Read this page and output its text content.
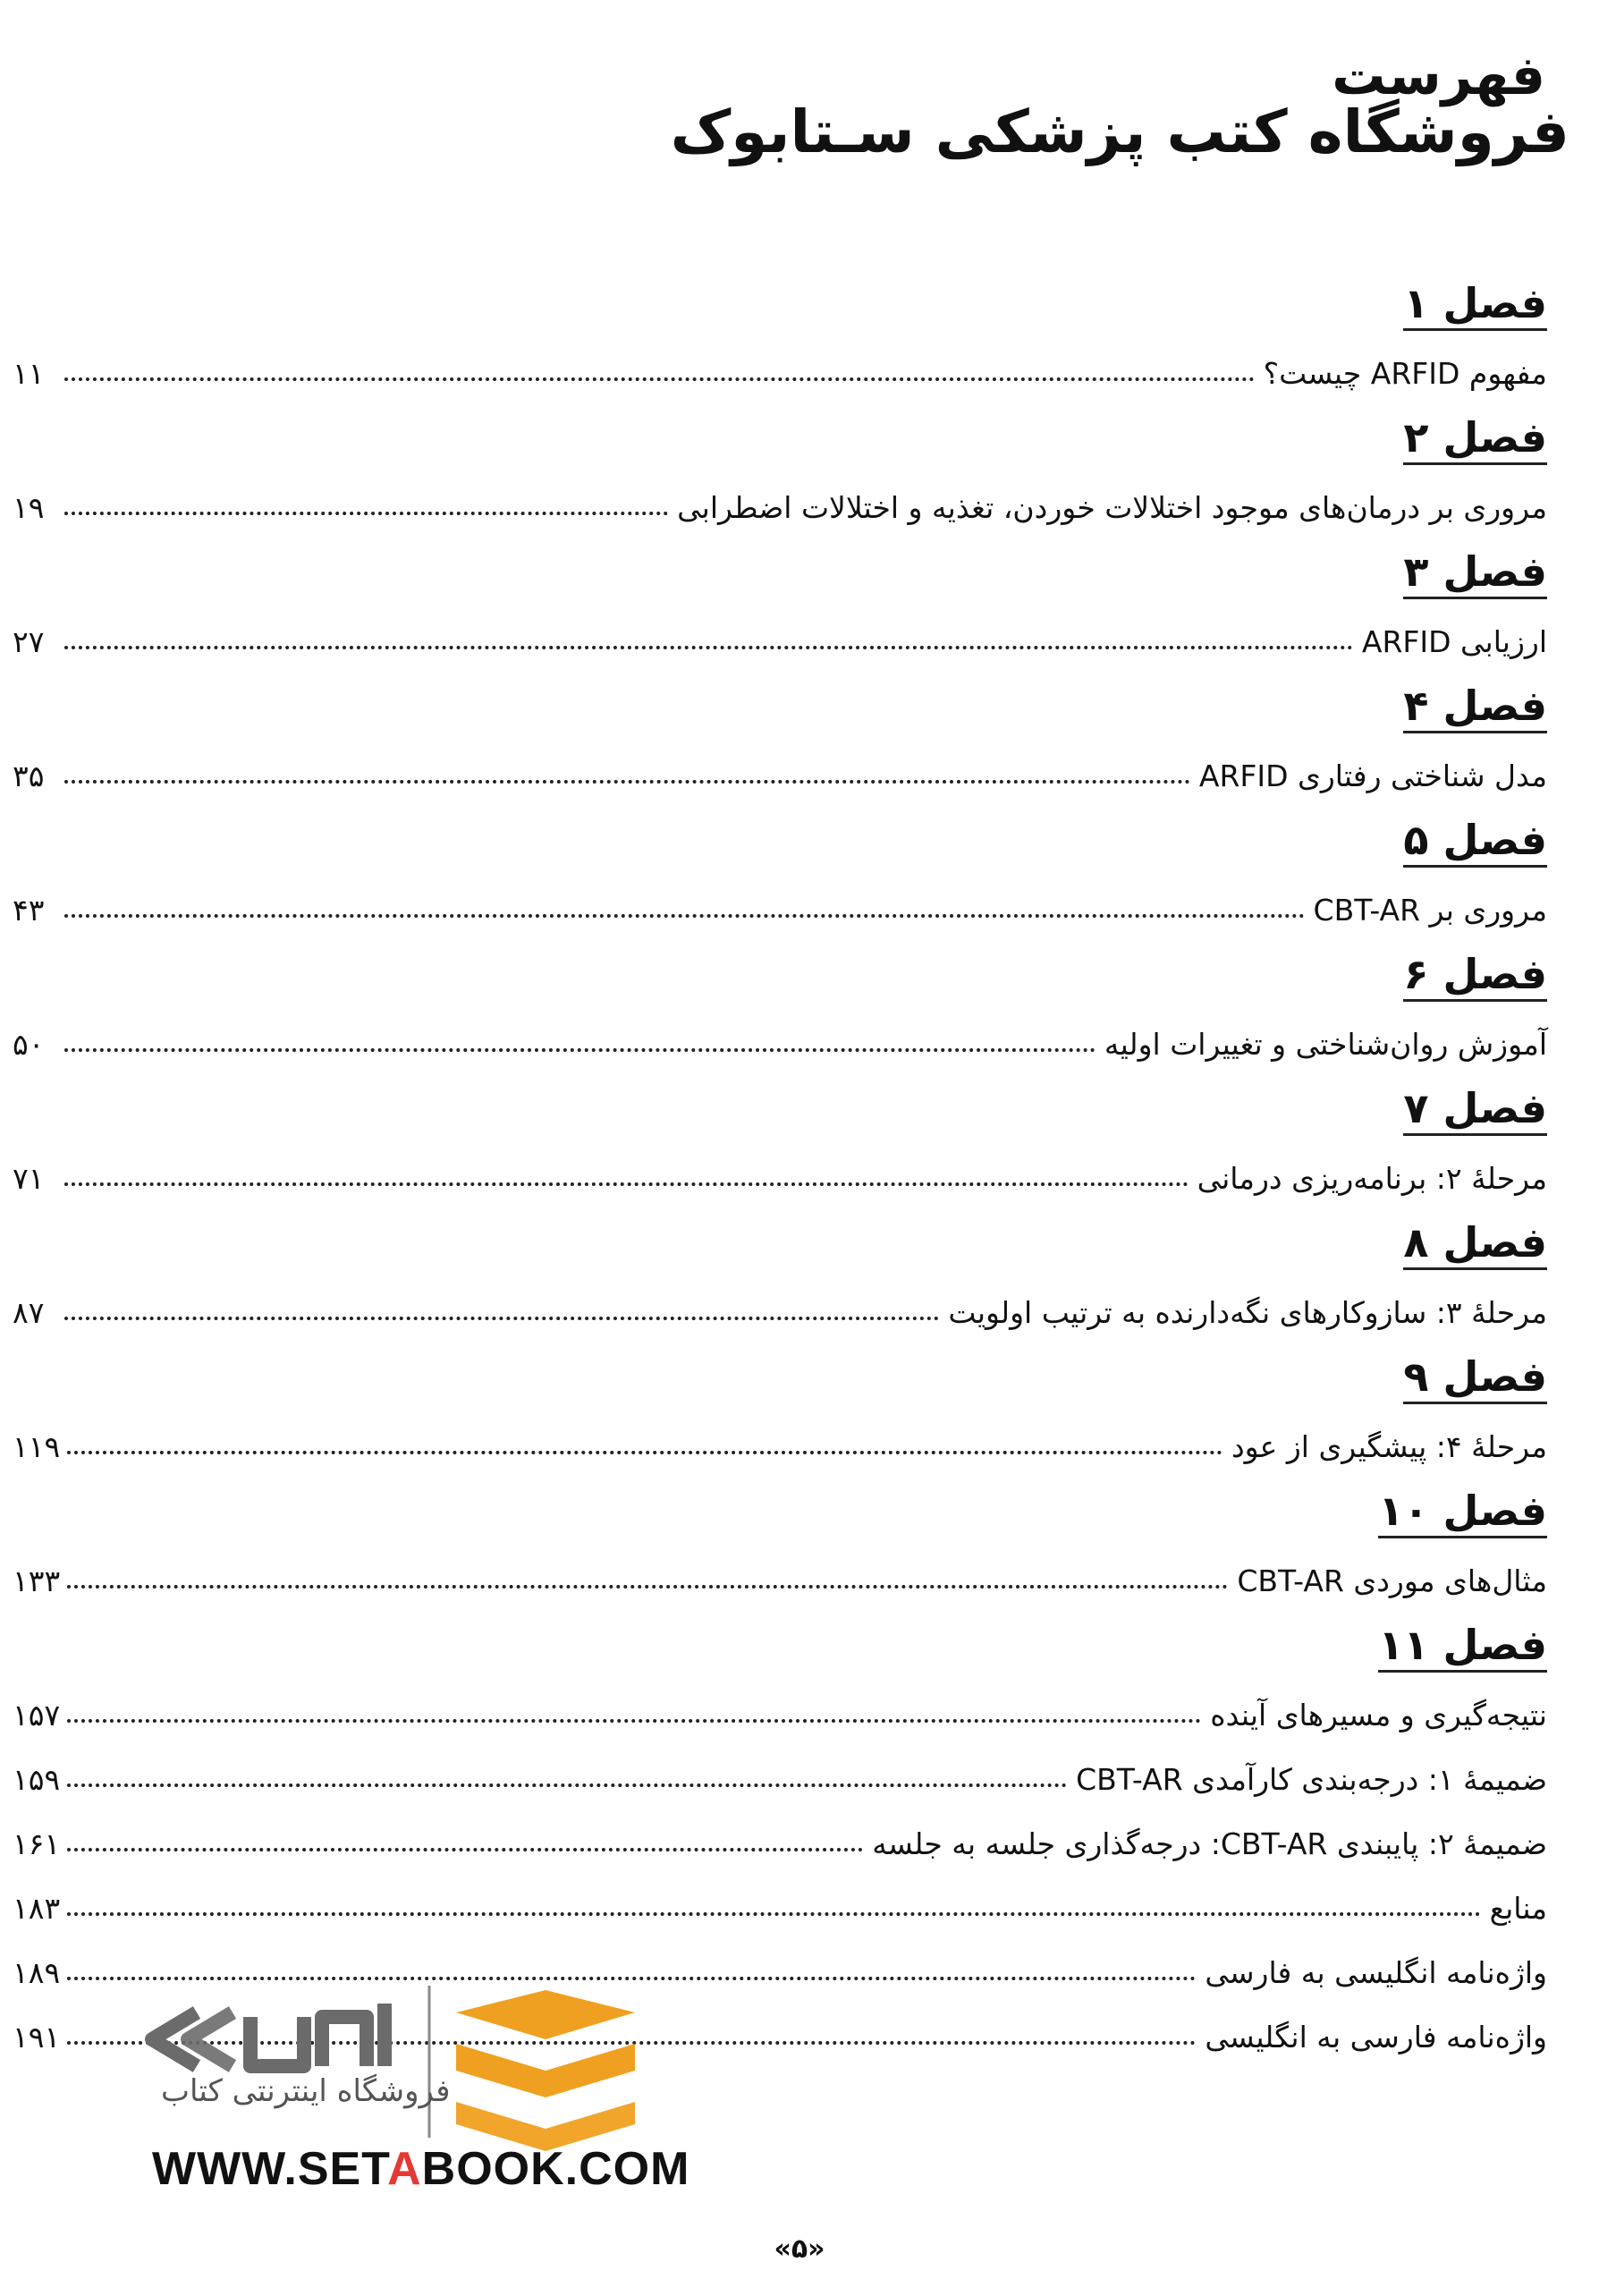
فهرست
فروشگاه کتب پزشکی سـتابوک
فصل ۱
مفهوم ARFID چیست؟
۱۱
فصل ۲
مروری بر درمان‌های موجود اختلالات خوردن، تغذیه و اختلالات اضطرابی
۱۹
فصل ۳
ارزیابی ARFID
۲۷
فصل ۴
مدل شناختی رفتاری ARFID
۳۵
فصل ۵
مروری بر CBT-AR
۴۳
فصل ۶
آموزش روان‌شناختی و تغییرات اولیه
۵۰
فصل ۷
مرحلهٔ ۲: برنامه‌ریزی درمانی
۷۱
فصل ۸
مرحلهٔ ۳: سازوکارهای نگه‌دارنده به ترتیب اولویت
۸۷
فصل ۹
مرحلهٔ ۴: پیشگیری از عود
۱۱۹
فصل ۱۰
مثال‌های موردی CBT-AR
۱۳۳
فصل ۱۱
نتیجه‌گیری و مسیرهای آینده
۱۵۷
ضمیمهٔ ۱: درجه‌بندی کارآمدی CBT-AR
۱۵۹
ضمیمهٔ ۲: پایبندی CBT-AR: درجه‌گذاری جلسه به جلسه
۱۶۱
منابع
۱۸۳
واژه‌نامه انگلیسی به فارسی
۱۸۹
واژه‌نامه فارسی به انگلیسی
۱۹۱
فروشگاه اینترنتی کتاب
WWW.SETABOOK.COM
«۵»
